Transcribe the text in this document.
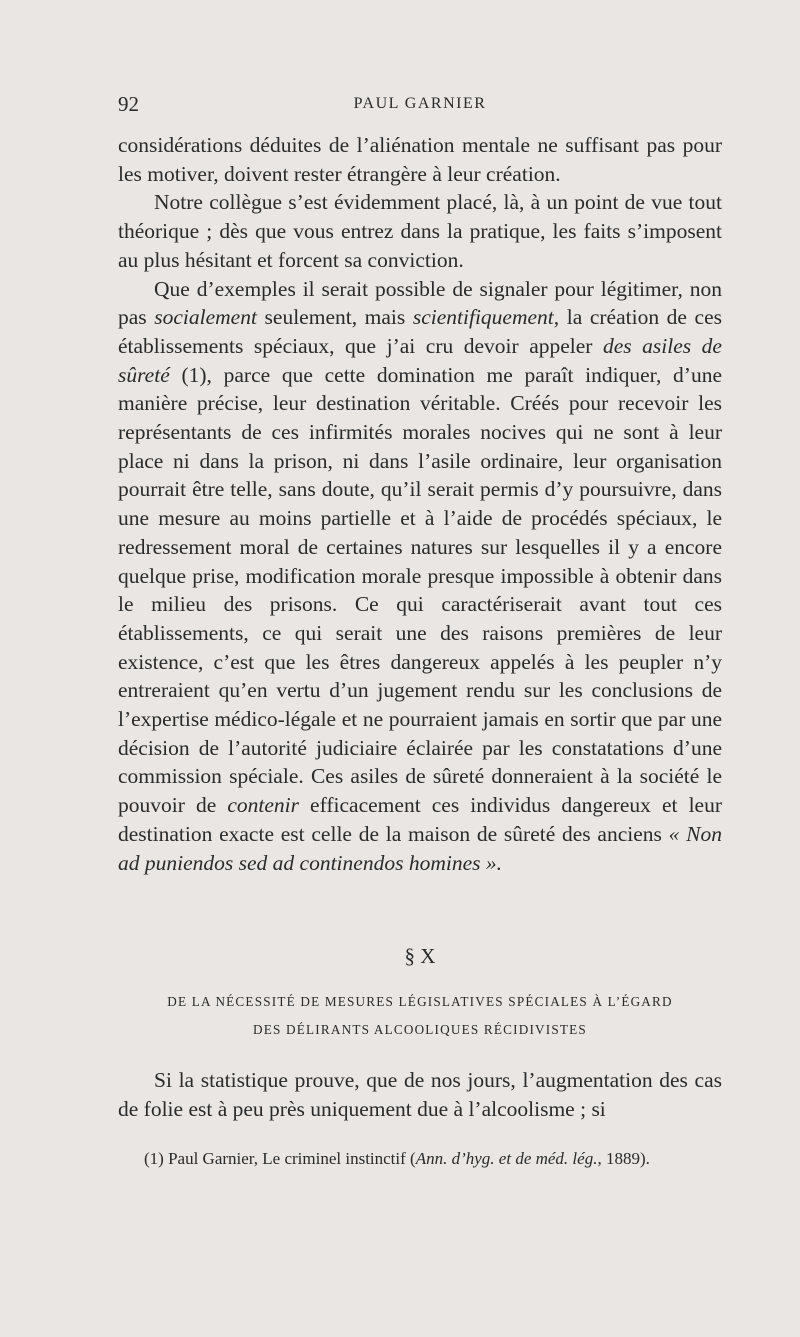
92	PAUL GARNIER

considérations déduites de l’aliénation mentale ne suffisant pas pour les motiver, doivent rester étrangère à leur création.

Notre collègue s’est évidemment placé, là, à un point de vue tout théorique ; dès que vous entrez dans la pratique, les faits s’imposent au plus hésitant et forcent sa conviction.

Que d’exemples il serait possible de signaler pour légitimer, non pas socialement seulement, mais scientifiquement, la création de ces établissements spéciaux, que j’ai cru devoir appeler des asiles de sûreté (1), parce que cette domination me paraît indiquer, d’une manière précise, leur destination véritable. Créés pour recevoir les représentants de ces infirmités morales nocives qui ne sont à leur place ni dans la prison, ni dans l’asile ordinaire, leur organisation pourrait être telle, sans doute, qu’il serait permis d’y poursuivre, dans une mesure au moins partielle et à l’aide de procédés spéciaux, le redressement moral de certaines natures sur lesquelles il y a encore quelque prise, modification morale presque impossible à obtenir dans le milieu des prisons. Ce qui caractériserait avant tout ces établissements, ce qui serait une des raisons premières de leur existence, c’est que les êtres dangereux appelés à les peupler n’y entreraient qu’en vertu d’un jugement rendu sur les conclusions de l’expertise médico-légale et ne pourraient jamais en sortir que par une décision de l’autorité judiciaire éclairée par les constatations d’une commission spéciale. Ces asiles de sûreté donneraient à la société le pouvoir de contenir efficacement ces individus dangereux et leur destination exacte est celle de la maison de sûreté des anciens « Non ad puniendos sed ad continendos homines ».

§ X
DE LA NÉCESSITÉ DE MESURES LÉGISLATIVES SPÉCIALES À L’ÉGARD
DES DÉLIRANTS ALCOOLIQUES RÉCIDIVISTES
Si la statistique prouve, que de nos jours, l’augmentation des cas de folie est à peu près uniquement due à l’alcoolisme ; si
(1) Paul Garnier, Le criminel instinctif (Ann. d’hyg. et de méd. lég., 1889).
